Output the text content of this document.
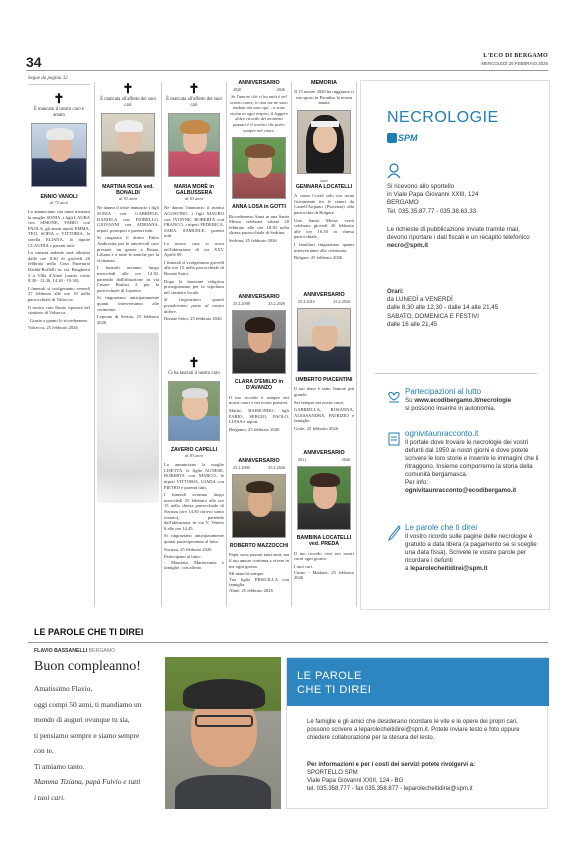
34	L'ECO DI BERGAMO
MERCOLEDÌ 25 FEBBRAIO 2026
Segue da pagina 32
✝
È mancato il nostro caro e amato
ENNIO VANOLI
di 72 anni

Lo annunciano con tanta tristezza la moglie SONIA, i figli LAURA con SIMONE, FABIO con PAOLA, gli amati nipoti EMMA, TEO, SOFIA e VITTORIA, la sorella ELIANA, la nipote CLAUDIA e parenti tutti.

La camera ardente sarà allestita dalle ore 8.30 di giovedì 26 febbraio nella Casa Funeraria Daddà-Boffelli in via Brughiera 5 a Villa d'Almè (orario visite 8.30 - 12.30, 14.30 - 19.30).

I funerali si svolgeranno venerdì 27 febbraio alle ore 10 nella parrocchiale di Valsecca.

Il nostro caro Ennio riposerà nel cimitero di Valsecca.

Grazie a quanti lo ricorderanno.

Valsecca, 25 febbraio 2026

✝
È mancata all'affetto dei suoi cari
MARTINA ROSA ved. BONALDI
di 93 anni

Ne danno il triste annuncio i figli SONIA con GABRIELE, DANIELA con FIORELLO, GIOVANNI con ADRIANA, nipoti, pronipoti e parenti tutti.

Si ringrazia il dottor Fabio Ambrosini per le amorevoli cure prestate, un grazie a Bruna, Liliana e a tutte le amiche per la vicinanza.

I funerali avranno luogo mercoledì alle ore 14.30, partendo dall'abitazione in via Cesare Battisti 2 per la parrocchiale di Lepreno.

Si ringraziano anticipatamente quanti interverranno alle cerimonie.

Lepreno di Serina, 25 febbraio 2026

✝
È mancata all'affetto dei suoi cari
MARIA MORÈ in GALBUSSERA
di 83 anni

Ne danno l'annuncio il marito AGOSTINO, i figli MAURO con IVONNE, ROBERTA con FRANCO, i nipoti FEDERICA, SARA, SAMUELE, parenti tutti.

La nostra cara si trova nell'abitazione di via XXV Aprile 69.

I funerali si svolgeranno giovedì alle ore 15 nella parrocchiale di Bonate Sotto.

Dopo la funzione religiosa proseguiranno per la sepoltura nel cimitero locale.

Si ringraziano quanti prenderanno parte al nostro dolore.

Bonate Sotto, 25 febbraio 2026

✝
Ci ha lasciati il nostro caro
ZAVERIO CAPELLI
di 83 anni

Lo annunciano la moglie LISETTA, le figlie AGNESE, ROBERTA con MARCO, le nipoti VITTORIA, GIADA con PIETRO e parenti tutti.

I funerali avranno luogo mercoledì 25 febbraio alle ore 15 nella chiesa parrocchiale di Strozza (ore 14.30 ritrovo santo rosario), partendo dall'abitazione in via V. Veneto 6 alle ore 14.45.

Si ringraziano anticipatamente quanti parteciperanno al lutto.

Strozza, 25 febbraio 2026

Partecipano al lutto:

- Maurizia, Mariassunta e famiglie, con affetto

ANNIVERSARIO
2020	2026
Se l'amore che ci ha uniti è nel nostro cuore, io non me ne sono andata ma sono qui... ti sono vicina in ogni respiro, il leggero dolce ricordo dei momenti passati è il sorriso che porto sempre nel cuore.
ANNA LOSA in GOTTI

Ricorderemo Anna in una Santa Messa celebrata sabato 28 febbraio alle ore 18.30 nella chiesa parrocchiale di Sedrina.

Sedrina, 25 febbraio 2026

ANNIVERSARIO
25.2.2008	25.2.2026
CLARA D'EMILIO in D'AVANZO

Il tuo ricordo è sempre nei nostri cuori e nei nostri pensieri.

Marito RAIMONDO, figli FABIO, SERGIO, PAOLO, LUISA e nipoti.

Bergamo, 25 febbraio 2026

ANNIVERSARIO
25.2.2000	25.2.2026
ROBERTO MAZZOCCHI

Papà, sono passati tanti anni, ma il tuo amore continua a vivere in me ogni giorno.

Mi manchi sempre.

Tua figlia PRISCILLA con famiglia.

Almè, 25 febbraio 2026

MEMORIA
Il 15 marzo 2020 ha raggiunto il suo sposo in Paradiso la nostra amata
suor
GENNARA LOCATELLI

A causa Covid solo ora torna fisicamente tra le ceneri da Castell'Arquato (Piacenza) alla parrocchia di Bolgare.

Una Santa Messa verrà celebrata giovedì 26 febbraio alle ore 16.30 in chiesa parrocchiale.

I familiari ringraziano quanti interverranno alla cerimonia.

Bolgare, 25 febbraio 2026

ANNIVERSARIO
25.2.2016	25.2.2026
UMBERTO PIACENTINI

Il tuo dono è stato l'amore più grande.

Sei sempre nei nostri cuori.

GABRIELLA, ROSANNA, ALESSANDRA, PATRIZIO e famiglie.

Gorle, 25 febbraio 2026

ANNIVERSARIO
2011	2026
BAMBINA LOCATELLI ved. PREDA

Il tuo ricordo vive nei nostri cuori ogni giorno.

I tuoi cari.

Curno - Madone, 25 febbraio 2026

NECROLOGIE
SPM
Si ricevono allo sportello
in Viale Papa Giovanni XXIII, 124
BERGAMO
Tel. 035.35.87.77 - 035.38.63.33
Le richieste di pubblicazione inviate tramite mail, devono riportare i dati fiscali e un recapito telefonico
necro@spm.it
Orari:
da LUNEDÌ a VENERDÌ
dalle 8,30 alle 12,30 - dalle 14 alle 21,45
SABATO, DOMENICA E FESTIVI
dalle 16 alle 21,45
Partecipazioni al lutto
Su www.ecodibergamo.it/necrologie
si possono inserire in autonomia.
ognivitaunracconto.it
Il portale dove trovare le necrologie dei vostri defunti dal 1950 ai nostri giorni e dove potete scrivere le loro storie e inserire le immagini che li ritraggono. Insieme comporremo la storia della comunità bergamasca.
Per info:
ognivitaunracconto@ecodibergamo.it
Le parole che ti direi
Il vostro ricordo sulle pagine delle necrologie è gratuito a data libera (a pagamento se si sceglie una data fissa). Scrivete le vostre parole per ricordare i defunti
a leparolecheitidirei@spm.it
LE PAROLE CHE TI DIREI
FLAVIO BASSANELLI BERGAMO
Buon compleanno!
Amatissimo Flavio,
oggi compi 50 anni, ti mandiamo un
mondo di auguri ovunque tu sia,
ti pensiamo sempre e siamo sempre
con te.
Ti amiamo tanto.
Mamma Tiziana, papà Fulvio e tutti
i tuoi cari.
LE PAROLE
CHE TI DIREI
Le famiglie e gli amici che desiderano ricordare le vite e le opere dei propri cari, possono scrivere a leparolecheitidirei@spm.it. Potete inviare testo e foto oppure chiedere collaborazione per la stesura del testo.
Per informazioni e per i costi dei servizi potete rivolgervi a:
SPORTELLO SPM
Viale Papa Giovanni XXIII, 124 - BG
tel. 035.358.777 - fax 035.358.877 - leparolecheitidirei@spm.it
